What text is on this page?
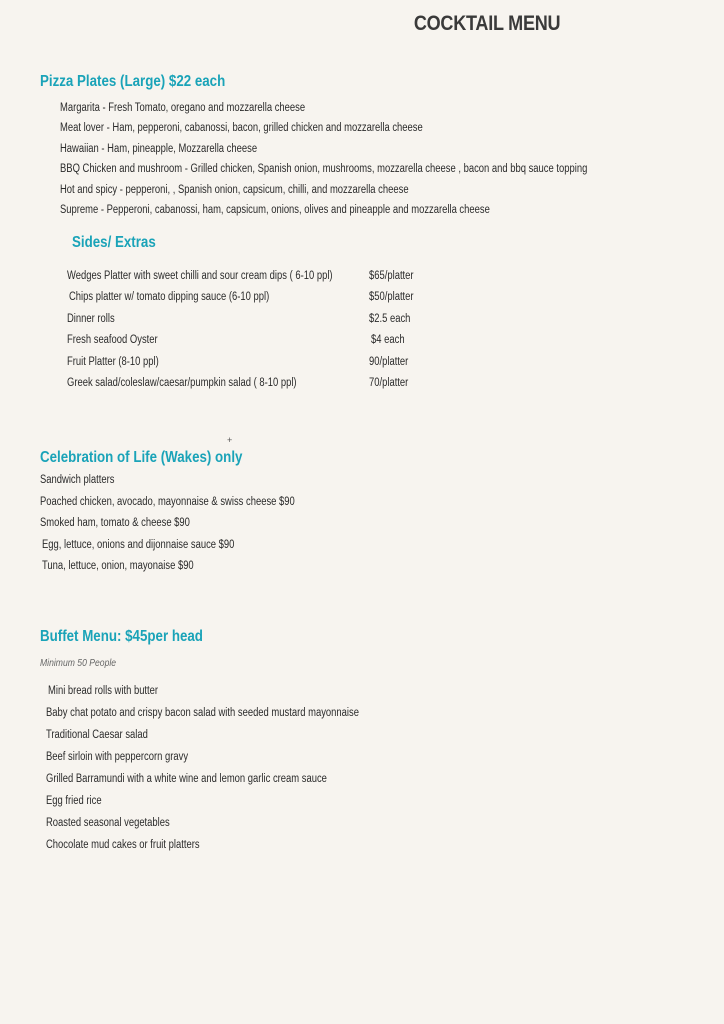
COCKTAIL MENU
Pizza Plates (Large) $22 each
Margarita - Fresh Tomato, oregano and mozzarella cheese
Meat lover - Ham, pepperoni, cabanossi, bacon, grilled chicken and mozzarella cheese
Hawaiian - Ham, pineapple, Mozzarella cheese
BBQ Chicken and mushroom - Grilled chicken, Spanish onion, mushrooms, mozzarella cheese , bacon and bbq sauce topping
Hot and spicy - pepperoni, , Spanish onion, capsicum, chilli, and mozzarella cheese
Supreme - Pepperoni, cabanossi, ham, capsicum, onions, olives and pineapple and mozzarella cheese
Sides/ Extras
Wedges Platter with sweet chilli and sour cream dips ( 6-10 ppl)	$65/platter
Chips platter w/ tomato dipping sauce (6-10 ppl)	$50/platter
Dinner rolls	$2.5 each
Fresh seafood Oyster	$4 each
Fruit Platter (8-10 ppl)	90/platter
Greek salad/coleslaw/caesar/pumpkin salad ( 8-10 ppl)	70/platter
+
Celebration of Life (Wakes) only
Sandwich platters
Poached chicken, avocado, mayonnaise & swiss cheese $90
Smoked ham, tomato & cheese $90
Egg, lettuce, onions and dijonnaise sauce $90
Tuna, lettuce, onion, mayonaise $90
Buffet Menu: $45per head
Minimum 50 People
Mini bread rolls with butter
Baby chat potato and crispy bacon salad with seeded mustard mayonnaise
Traditional Caesar salad
Beef sirloin with peppercorn gravy
Grilled Barramundi with a white wine and lemon garlic cream sauce
Egg fried rice
Roasted seasonal vegetables
Chocolate mud cakes or fruit platters
